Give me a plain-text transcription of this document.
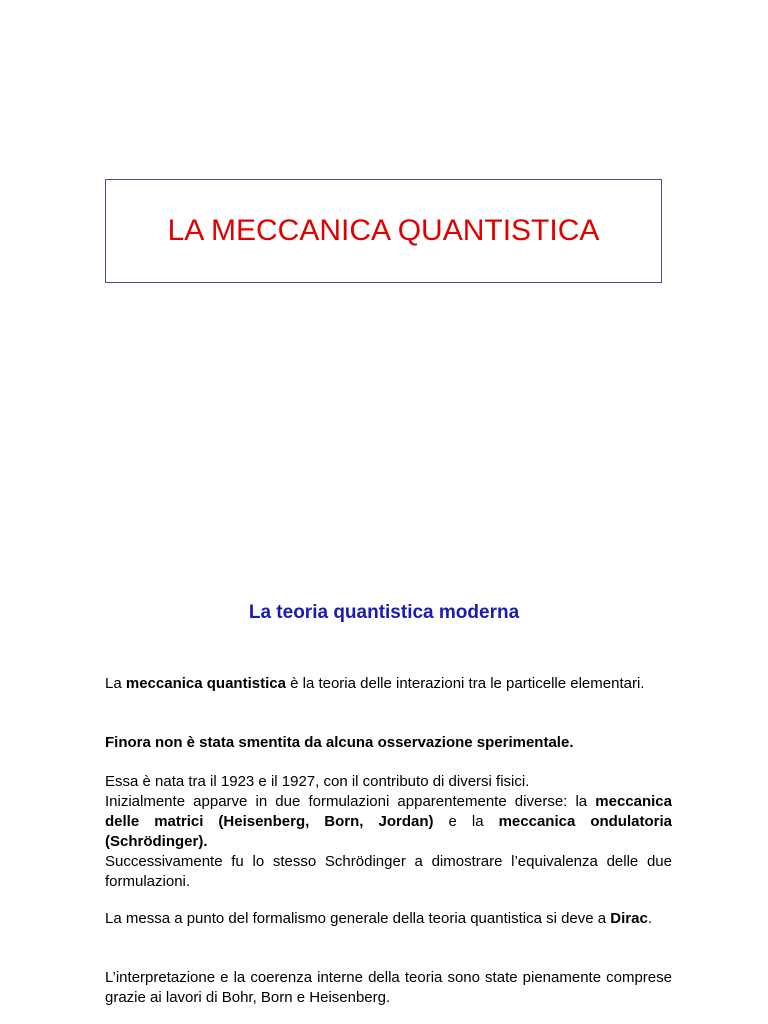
LA MECCANICA QUANTISTICA
La teoria quantistica moderna

La meccanica quantistica è la teoria delle interazioni tra le particelle elementari.

Finora non è stata smentita da alcuna osservazione sperimentale.

Essa è nata tra il 1923 e il 1927, con il contributo di diversi fisici.
Inizialmente apparve in due formulazioni apparentemente diverse: la meccanica delle matrici (Heisenberg, Born, Jordan) e la meccanica ondulatoria (Schrödinger).
Successivamente fu lo stesso Schrödinger a dimostrare l’equivalenza delle due formulazioni.

La messa a punto del formalismo generale della teoria quantistica si deve a Dirac.

L’interpretazione e la coerenza interne della teoria sono state pienamente comprese grazie ai lavori di Bohr, Born e Heisenberg.
